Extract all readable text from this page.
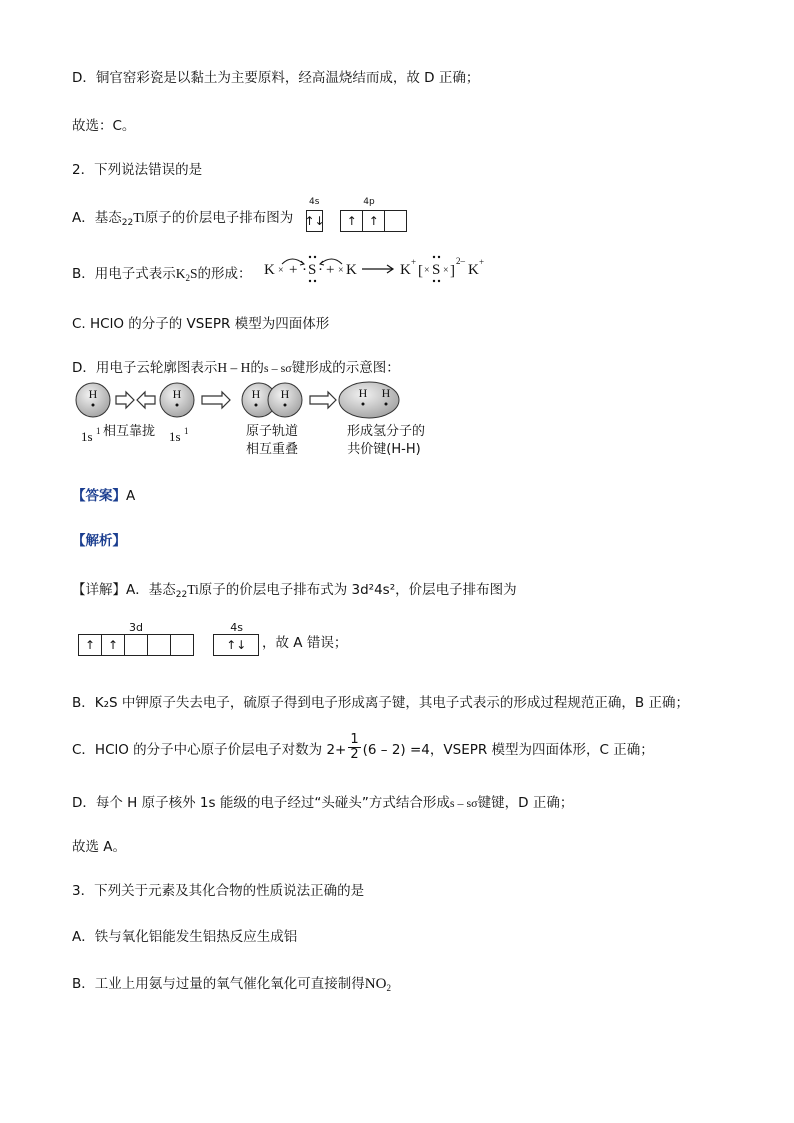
D．铜官窑彩瓷是以黏土为主要原料，经高温烧结而成，故 D 正确；
故选：C。
2．下列说法错误的是
A．基态$_{22}$Ti原子的价层电子排布图为
4s
↑↓

4p
↑ ↑
B．用电子式表示$K_2S$的形成： K × + · S · + × K	K +
[ × S × ]
2–
K +
C. HClO 的分子的 VSEPR 模型为四面体形
D．用电子云轮廓图表示H – H的s – sσ键形成的示意图：
H	H	H H	H H
1s 1	1s 1
相互靠拢	原子轨道
相互重叠
形成氢分子的
共价键(H-H)
【答案】A
【解析】
【详解】A．基态$_{22}$Ti原子的价层电子排布式为 3d²4s²，价层电子排布图为
3d
↑	↑

4s
↑↓	，故 A 错误；
B．K₂S 中钾原子失去电子，硫原子得到电子形成离子键，其电子式表示的形成过程规范正确，B 正确；
C．HClO 的分子中心原子价层电子对数为 $2+ \frac{1}{2} (6 - 2) =4$，VSEPR 模型为四面体形，C 正确；
D．每个 H 原子核外 1s 能级的电子经过“头碰头”方式结合形成s – sσ键键，D 正确；
故选 A。
3．下列关于元素及其化合物的性质说法正确的是
A．铁与氧化铝能发生铝热反应生成铝
B．工业上用氨与过量的氧气催化氧化可直接制得$NO_2$
